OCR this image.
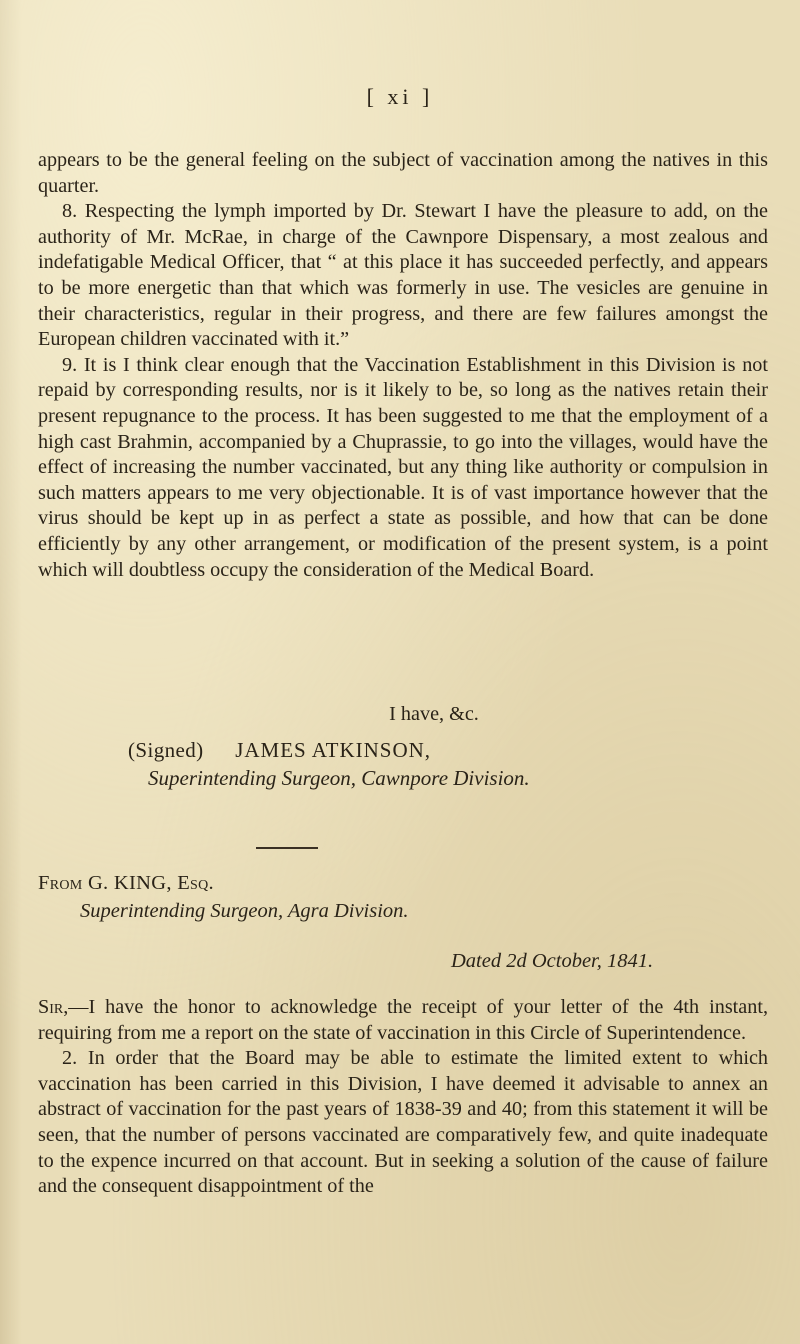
[ xi ]

appears to be the general feeling on the subject of vaccination among the natives in this quarter.

8. Respecting the lymph imported by Dr. Stewart I have the pleasure to add, on the authority of Mr. McRae, in charge of the Cawnpore Dispensary, a most zealous and indefatigable Medical Officer, that “ at this place it has succeeded perfectly, and appears to be more energetic than that which was formerly in use. The vesicles are genuine in their characteristics, regular in their progress, and there are few failures amongst the European children vaccinated with it.”

9. It is I think clear enough that the Vaccination Establishment in this Division is not repaid by corresponding results, nor is it likely to be, so long as the natives retain their present repugnance to the process. It has been suggested to me that the employment of a high cast Brahmin, accompanied by a Chuprassie, to go into the villages, would have the effect of increasing the number vaccinated, but any thing like authority or compulsion in such matters appears to me very objectionable. It is of vast importance however that the virus should be kept up in as perfect a state as possible, and how that can be done efficiently by any other arrangement, or modification of the present system, is a point which will doubtless occupy the consideration of the Medical Board.

I have, &c.
(Signed) JAMES ATKINSON,
Superintending Surgeon, Cawnpore Division.
From G. KING, Esq.
Superintending Surgeon, Agra Division.
Dated 2d October, 1841.

Sir,—I have the honor to acknowledge the receipt of your letter of the 4th instant, requiring from me a report on the state of vaccination in this Circle of Superintendence.

2. In order that the Board may be able to estimate the limited extent to which vaccination has been carried in this Division, I have deemed it advisable to annex an abstract of vaccination for the past years of 1838-39 and 40; from this statement it will be seen, that the number of persons vaccinated are comparatively few, and quite inadequate to the expence incurred on that account. But in seeking a solution of the cause of failure and the consequent disappointment of the
